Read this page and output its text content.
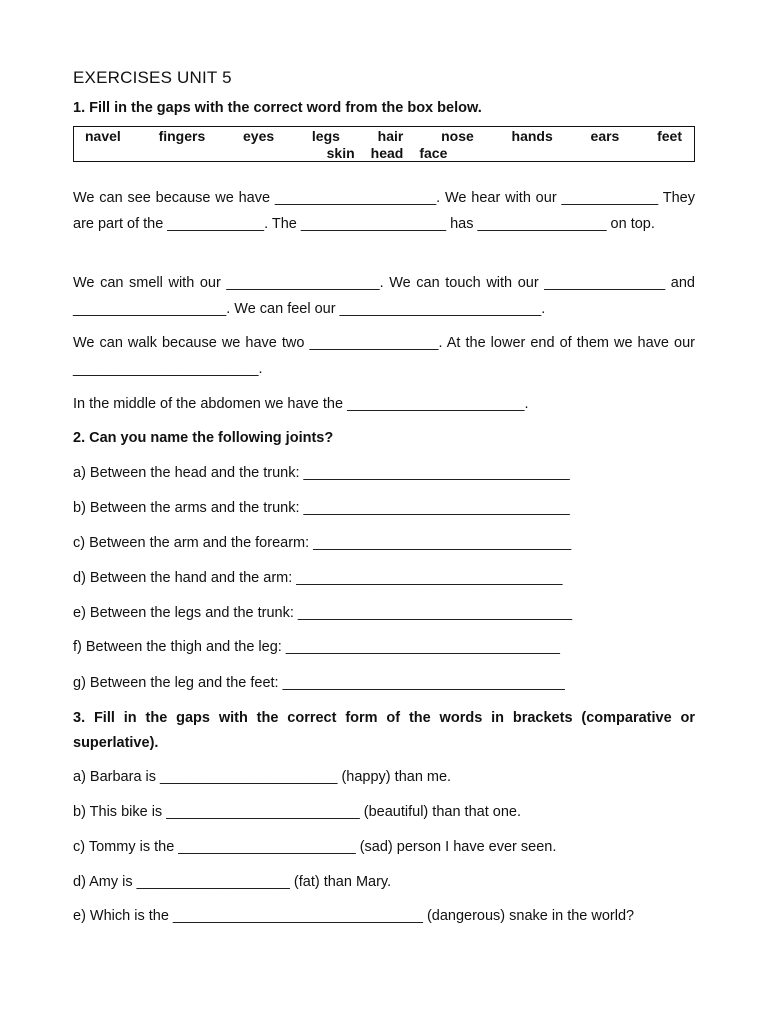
EXERCISES UNIT 5
1. Fill in the gaps with the correct word from the box below.
navel	fingers	eyes	legs	hair	nose	hands	ears	feet
skin head face
We can see because we have ____________________. We hear with our ____________ They are part of the ____________. The __________________ has ________________ on top.
We can smell with our ___________________. We can touch with our _______________ and ___________________. We can feel our _________________________.
We can walk because we have two ________________. At the lower end of them we have our _______________________.
In the middle of the abdomen we have the ______________________.
2. Can you name the following joints?
a) Between the head and the trunk: _________________________________
b) Between the arms and the trunk: _________________________________
c) Between the arm and the forearm: ________________________________
d) Between the hand and the arm: _________________________________
e) Between the legs and the trunk: __________________________________
f) Between the thigh and the leg: __________________________________
g) Between the leg and the feet: ___________________________________
3. Fill in the gaps with the correct form of the words in brackets (comparative or superlative).
a) Barbara is ______________________ (happy) than me.
b) This bike is ________________________ (beautiful) than that one.
c) Tommy is the ______________________ (sad) person I have ever seen.
d) Amy is ___________________ (fat) than Mary.
e) Which is the _______________________________ (dangerous) snake in the world?
